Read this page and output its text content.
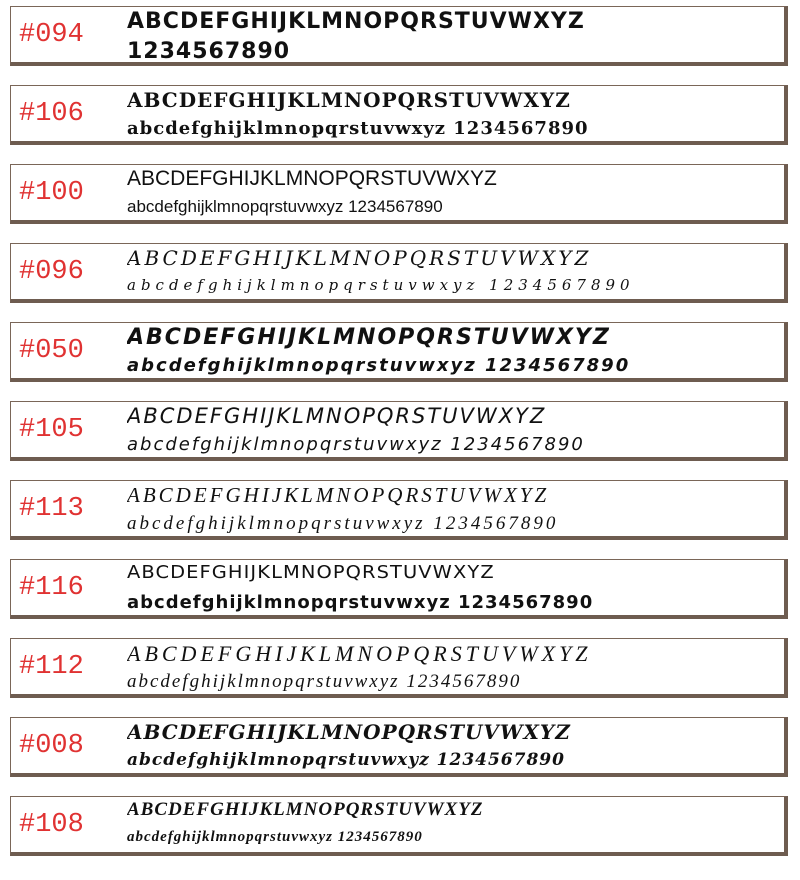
#094	ABCDEFGHIJKLMNOPQRSTUVWXYZ
1234567890
#106	ABCDEFGHIJKLMNOPQRSTUVWXYZ
abcdefghijklmnopqrstuvwxyz 1234567890
#100	ABCDEFGHIJKLMNOPQRSTUVWXYZ
abcdefghijklmnopqrstuvwxyz 1234567890
#096	ABCDEFGHIJKLMNOPQRSTUVWXYZ
abcdefghijklmnopqrstuvwxyz 1234567890
#050	ABCDEFGHIJKLMNOPQRSTUVWXYZ
abcdefghijklmnopqrstuvwxyz 1234567890
#105	ABCDEFGHIJKLMNOPQRSTUVWXYZ
abcdefghijklmnopqrstuvwxyz 1234567890
#113	ABCDEFGHIJKLMNOPQRSTUVWXYZ
abcdefghijklmnopqrstuvwxyz 1234567890
#116	ABCDEFGHIJKLMNOPQRSTUVWXYZ
abcdefghijklmnopqrstuvwxyz 1234567890
#112	ABCDEFGHIJKLMNOPQRSTUVWXYZ
abcdefghijklmnopqrstuvwxyz 1234567890
#008	ABCDEFGHIJKLMNOPQRSTUVWXYZ
abcdefghijklmnopqrstuvwxyz 1234567890
#108	ABCDEFGHIJKLMNOPQRSTUVWXYZ
abcdefghijklmnopqrstuvwxyz 1234567890
